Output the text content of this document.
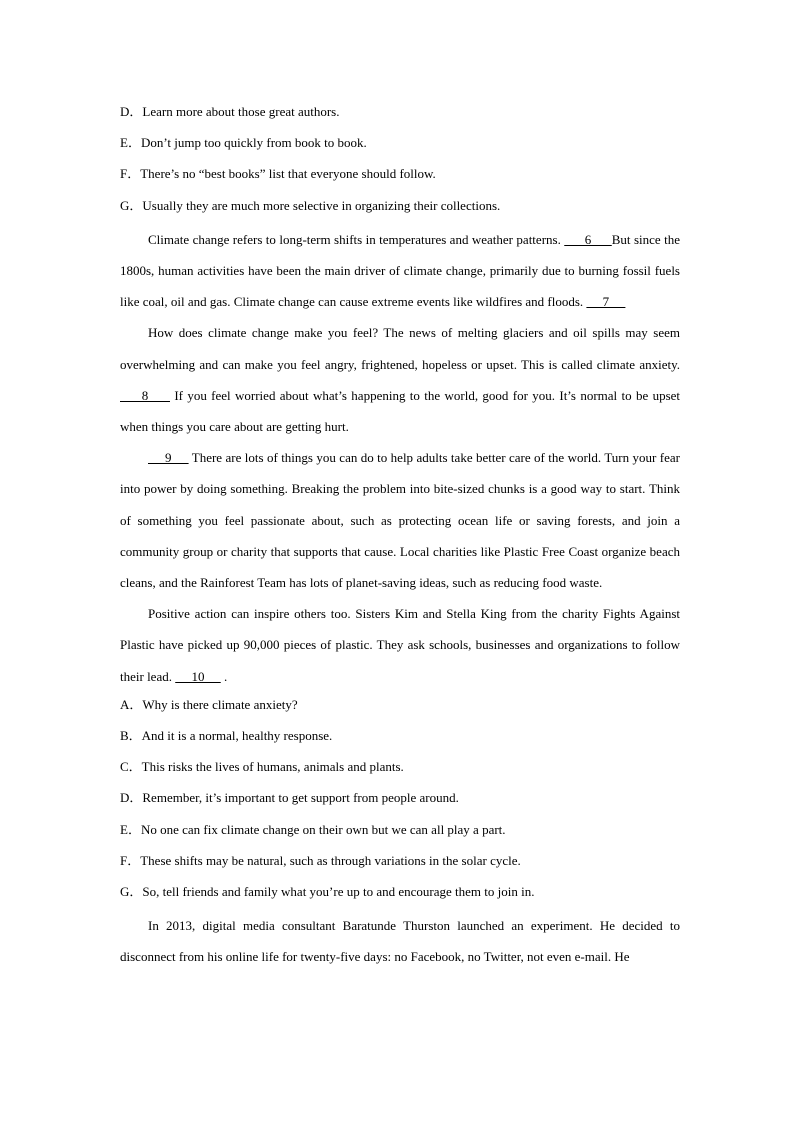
D．Learn more about those great authors.
E．Don’t jump too quickly from book to book.
F．There’s no “best books” list that everyone should follow.
G．Usually they are much more selective in organizing their collections.
Climate change refers to long-term shifts in temperatures and weather patterns.       6      But since the 1800s, human activities have been the main driver of climate change, primarily due to burning fossil fuels like coal, oil and gas. Climate change can cause extreme events like wildfires and floods.      7
How does climate change make you feel? The news of melting glaciers and oil spills may seem overwhelming and can make you feel angry, frightened, hopeless or upset. This is called climate anxiety.      8      If you feel worried about what’s happening to the world, good for you. It’s normal to be upset when things you care about are getting hurt.
9      There are lots of things you can do to help adults take better care of the world. Turn your fear into power by doing something. Breaking the problem into bite-sized chunks is a good way to start. Think of something you feel passionate about, such as protecting ocean life or saving forests, and join a community group or charity that supports that cause. Local charities like Plastic Free Coast organize beach cleans, and the Rainforest Team has lots of planet-saving ideas, such as reducing food waste.
Positive action can inspire others too. Sisters Kim and Stella King from the charity Fights Against Plastic have picked up 90,000 pieces of plastic. They ask schools, businesses and organizations to follow their lead.      10      .
A．Why is there climate anxiety?
B．And it is a normal, healthy response.
C．This risks the lives of humans, animals and plants.
D．Remember, it’s important to get support from people around.
E．No one can fix climate change on their own but we can all play a part.
F．These shifts may be natural, such as through variations in the solar cycle.
G．So, tell friends and family what you’re up to and encourage them to join in.
In 2013, digital media consultant Baratunde Thurston launched an experiment. He decided to disconnect from his online life for twenty-five days: no Facebook, no Twitter, not even e-mail. He
